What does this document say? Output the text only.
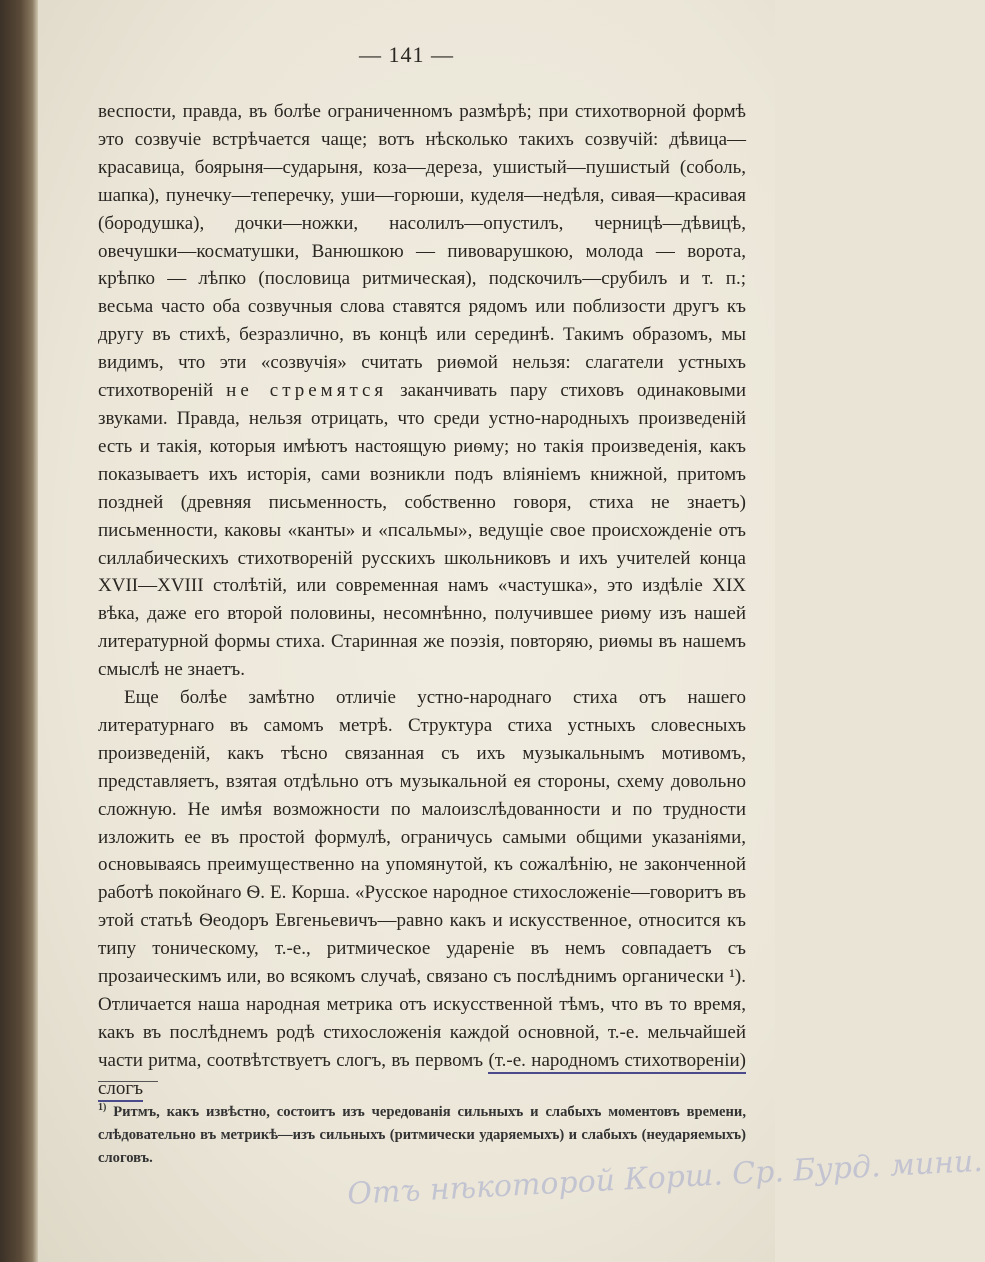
— 141 —

веспости, правда, въ болѣе ограниченномъ размѣрѣ; при стихотворной формѣ это созвучіе встрѣчается чаще; вотъ нѣсколько такихъ созвучій: дѣвица—красавица, боярыня—сударыня, коза—дереза, ушистый—пушистый (соболь, шапка), пунечку—теперечку, уши—горюши, куделя—недѣля, сивая—красивая (бородушка), дочки—ножки, насолилъ—опустилъ, черницѣ—дѣвицѣ, овечушки—косматушки, Ванюшкою — пивоварушкою, молода — ворота, крѣпко — лѣпко (пословица ритмическая), подскочилъ—срубилъ и т. п.; весьма часто оба созвучныя слова ставятся рядомъ или поблизости другъ къ другу въ стихѣ, безразлично, въ концѣ или серединѣ. Такимъ образомъ, мы видимъ, что эти «созвучія» считать риѳмой нельзя: слагатели устныхъ стихотвореній не стремятся заканчивать пару стиховъ одинаковыми звуками. Правда, нельзя отрицать, что среди устно-народныхъ произведеній есть и такія, которыя имѣютъ настоящую риѳму; но такія произведенія, какъ показываетъ ихъ исторія, сами возникли подъ вліяніемъ книжной, притомъ поздней (древняя письменность, собственно говоря, стиха не знаетъ) письменности, каковы «канты» и «псальмы», ведущіе свое происхожденіе отъ силлабическихъ стихотвореній русскихъ школьниковъ и ихъ учителей конца XVII—XVIII столѣтій, или современная намъ «частушка», это издѣліе XIX вѣка, даже его второй половины, несомнѣнно, получившее риѳму изъ нашей литературной формы стиха. Старинная же поэзія, повторяю, риѳмы въ нашемъ смыслѣ не знаетъ.

Еще болѣе замѣтно отличіе устно-народнаго стиха отъ нашего литературнаго въ самомъ метрѣ. Структура стиха устныхъ словесныхъ произведеній, какъ тѣсно связанная съ ихъ музыкальнымъ мотивомъ, представляетъ, взятая отдѣльно отъ музыкальной ея стороны, схему довольно сложную. Не имѣя возможности по малоизслѣдованности и по трудности изложить ее въ простой формулѣ, ограничусь самыми общими указаніями, основываясь преимущественно на упомянутой, къ сожалѣнію, не законченной работѣ покойнаго Ѳ. Е. Корша. «Русское народное стихосложеніе—говоритъ въ этой статьѣ Ѳеодоръ Евгеньевичъ—равно какъ и искусственное, относится къ типу тоническому, т.-е., ритмическое удареніе въ немъ совпадаетъ съ прозаическимъ или, во всякомъ случаѣ, связано съ послѣднимъ органически ¹). Отличается наша народная метрика отъ искусственной тѣмъ, что въ то время, какъ въ послѣднемъ родѣ стихосложенія каждой основной, т.-е. мельчайшей части ритма, соотвѣтствуетъ слогъ, въ первомъ (т.-е. народномъ стихотвореніи) слогъ

$^{1)}$ Ритмъ, какъ извѣстно, состоитъ изъ чередованія сильныхъ и слабыхъ моментовъ времени, слѣдовательно въ метрикѣ—изъ сильныхъ (ритмически ударяемыхъ) и слабыхъ (неударяемыхъ) слоговъ.	Отъ нѣкоторой Корш. Ср. Бурд. мини.
